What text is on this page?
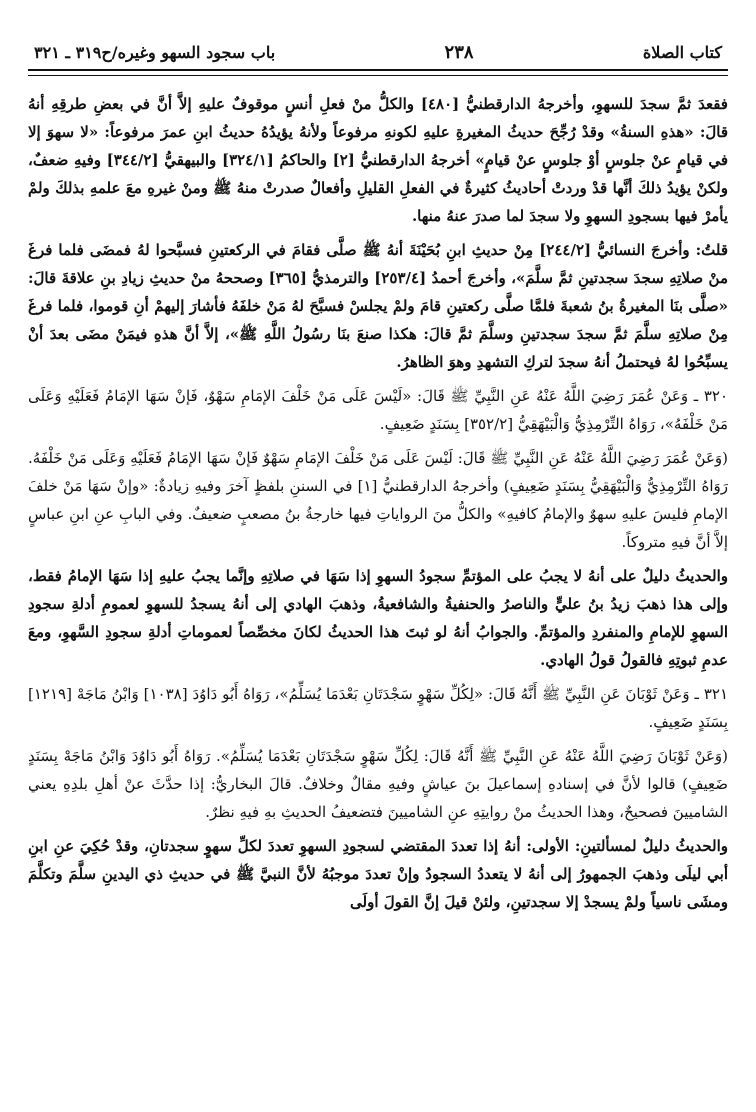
كتاب الصلاة
٢٣٨
باب سجود السهو وغيره/ح٣١٩ ـ ٣٢١

فقعدَ ثمَّ سجدَ للسهوِ، وأخرجهُ الدارقطنيُّ [٤٨٠] والكلُّ منْ فعلِ أنسٍ موقوفٌ عليهِ إلاَّ أنَّ في بعضِ طرقِهِ أنهُ قالَ: «هذهِ السنةُ» وقدْ رُجِّحَ حديثُ المغيرةِ عليهِ لكونهِ مرفوعاً ولأنهُ يؤيدُهُ حديثُ ابنِ عمرَ مرفوعاً: «لا سهوَ إلا في قيامٍ عنْ جلوسٍ أوْ جلوسٍ عنْ قيامٍ» أخرجهُ الدارقطنيُّ [٢] والحاكمُ [٣٢٤/١] والبيهقيُّ [٣٤٤/٢] وفيهِ ضعفٌ، ولكنْ يؤيدُ ذلكَ أنَّها قدْ وردتْ أحاديثُ كثيرةٌ في الفعلِ القليلِ وأفعالٌ صدرتْ منهُ ﷺ ومنْ غيرهِ معَ علمهِ بذلكَ ولمْ يأمرْ فيها بسجودِ السهوِ ولا سجدَ لما صدرَ عنهُ منها.

قلتُ: وأخرجَ النسائيُّ [٢٤٤/٢] مِنْ حديثِ ابنِ بُحَيْنَةَ أنهُ ﷺ صلَّى فقامَ في الركعتينِ فسبَّحوا لهُ فمضَى فلما فرغَ منْ صلاتِهِ سجدَ سجدتينِ ثمَّ سلَّمَ»، وأخرجَ أحمدُ [٢٥٣/٤] والترمذيُّ [٣٦٥] وصححهُ منْ حديثِ زيادِ بنِ علاقةَ قالَ: «صلَّى بنَا المغيرةُ بنُ شعبةَ فلمَّا صلَّى ركعتينِ قامَ ولمْ يجلسْ فسبَّحَ لهُ مَنْ خلفَهُ فأشارَ إليهمْ أنِ قوموا، فلما فرغَ مِنْ صلاتِهِ سلَّمَ ثمَّ سجدَ سجدتينِ وسلَّمَ ثمَّ قالَ: هكذا صنعَ بنَا رسُولُ اللَّهِ ﷺ»، إلاَّ أنَّ هذهِ فيمَنْ مضَى بعدَ أنْ يسبِّحُوا لهُ فيحتملُ أنهُ سجدَ لتركِ التشهدِ وهوَ الظاهرُ.

٣٢٠ ـ وَعَنْ عُمَرَ رَضِيَ اللَّهُ عَنْهُ عَنِ النَّبِيِّ ﷺ قَالَ: «لَيْسَ عَلَى مَنْ خَلْفَ الإمَامِ سَهْوٌ، فَإنْ سَهَا الإمَامُ فَعَلَيْهِ وَعَلَى مَنْ خَلْفَهُ»، رَوَاهُ التِّرْمِذِيُّ وَالْبَيْهَقِيُّ [٣٥٢/٢] بِسَنَدٍ ضَعِيفٍ.

(وَعَنْ عُمَرَ رَضِيَ اللَّهُ عَنْهُ عَنِ النَّبِيِّ ﷺ قَالَ: لَيْسَ عَلَى مَنْ خَلْفَ الإمَامِ سَهْوٌ فَإنْ سَهَا الإمَامُ فَعَلَيْهِ وَعَلَى مَنْ خَلْفَهُ. رَوَاهُ التِّرْمِذِيُّ وَالْبَيْهَقِيُّ بِسَنَدٍ ضَعِيفٍ) وأخرجهُ الدارقطنيُّ [١] في السننِ بلفظٍ آخرَ وفيهِ زيادةٌ: «وإنْ سَهَا مَنْ خلفَ الإمامِ فليسَ عليهِ سهوٌ والإمامُ كافيهِ» والكلُّ منَ الرواياتِ فيها خارجةُ بنُ مصعبٍ ضعيفٌ. وفي البابِ عنِ ابنِ عباسٍ إلاَّ أنَّ فيهِ متروكاً.

والحديثُ دليلٌ على أنهُ لا يجبُ على المؤتمِّ سجودُ السهوِ إذا سَهَا في صلاتِهِ وإنَّما يجبُ عليهِ إذا سَهَا الإمامُ فقط، وإلى هذا ذهبَ زيدُ بنُ عليٍّ والناصرُ والحنفيةُ والشافعيةُ، وذهبَ الهادي إلى أنهُ يسجدُ للسهوِ لعمومِ أدلةِ سجودِ السهوِ للإمامِ والمنفردِ والمؤتمِّ. والجوابُ أنهُ لو ثبتَ هذا الحديثُ لكانَ مخصِّصاً لعموماتِ أدلةِ سجودِ السَّهوِ، ومعَ عدمِ ثبوتِهِ فالقولُ قولُ الهادي.

٣٢١ ـ وَعَنْ ثَوْبَانَ عَنِ النَّبِيِّ ﷺ أَنَّهُ قَالَ: «لِكُلِّ سَهْوٍ سَجْدَتَانِ بَعْدَمَا يُسَلِّمُ»، رَوَاهُ أَبُو دَاوُدَ [١٠٣٨] وَابْنُ مَاجَهْ [١٢١٩] بِسَنَدٍ ضَعِيفٍ.

(وَعَنْ ثَوْبَانَ رَضِيَ اللَّهُ عَنْهُ عَنِ النَّبِيِّ ﷺ أَنَّهُ قَالَ: لِكُلِّ سَهْوٍ سَجْدَتَانِ بَعْدَمَا يُسَلِّمُ». رَوَاهُ أَبُو دَاوُدَ وَابْنُ مَاجَهْ بِسَنَدٍ ضَعِيفٍ) قالوا لأنَّ في إسنادهِ إسماعيلَ بنَ عياشٍ وفيهِ مقالٌ وخلافٌ. قالَ البخاريُّ: إذا حدَّثَ عنْ أهلِ بلدِهِ يعني الشاميينَ فصحيحٌ، وهذا الحديثُ منْ روايتِهِ عنِ الشاميينَ فتضعيفُ الحديثِ بهِ فيهِ نظرٌ.

والحديثُ دليلٌ لمسألتينِ: الأولى: أنهُ إذا تعددَ المقتضي لسجودِ السهوِ تعددَ لكلِّ سهوٍ سجدتانِ، وقدْ حُكِيَ عنِ ابنِ أبي ليلَى وذهبَ الجمهورُ إلى أنهُ لا يتعددُ السجودُ وإنْ تعددَ موجبُهُ لأنَّ النبيَّ ﷺ في حديثِ ذي اليدينِ سلَّمَ وتكلَّمَ ومشَى ناسياً ولمْ يسجدْ إلا سجدتينِ، ولئنْ قيلَ إنَّ القولَ أولَى
